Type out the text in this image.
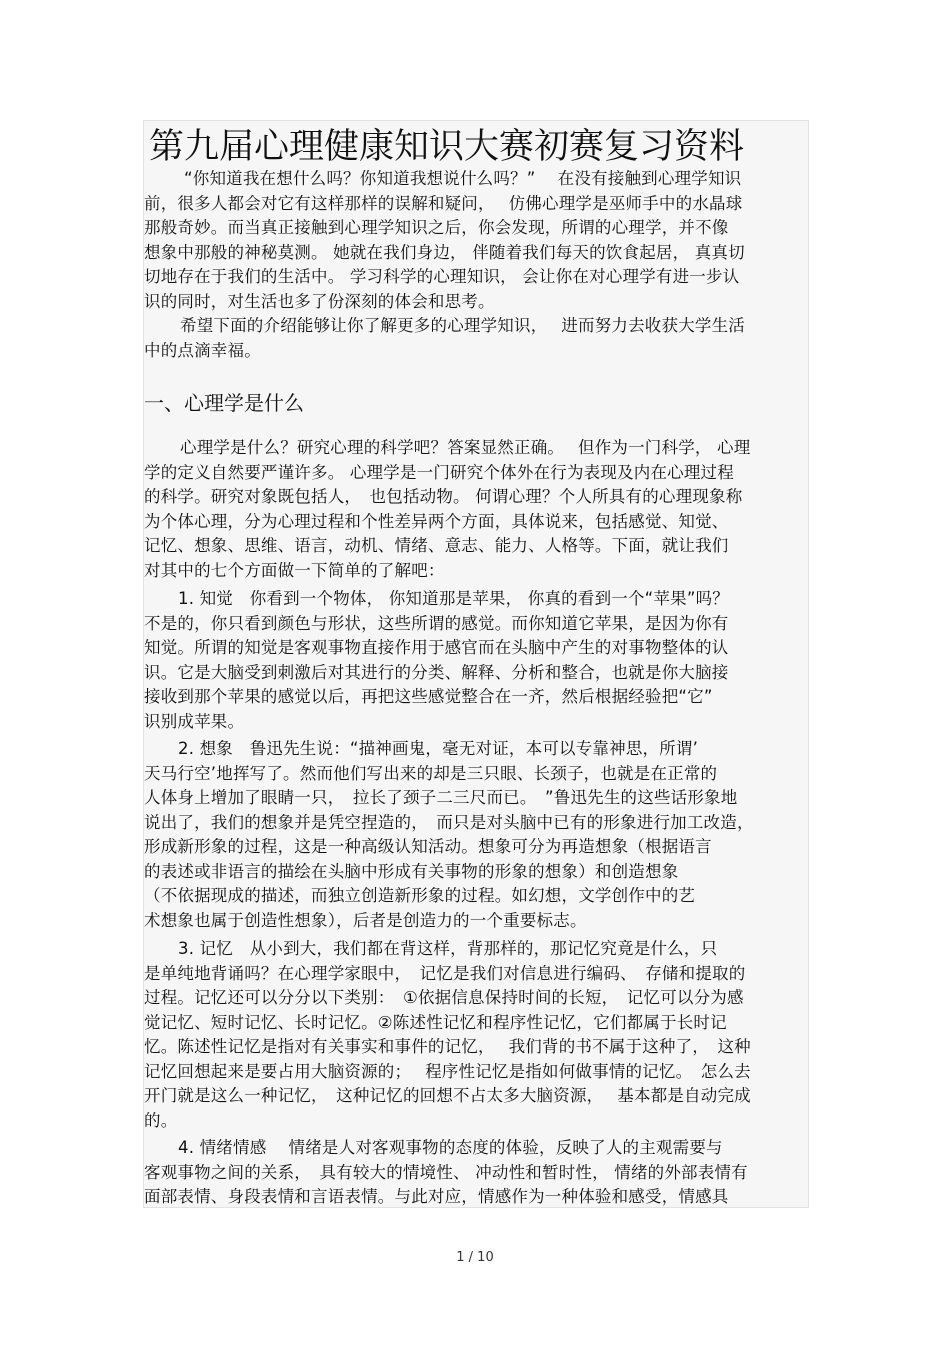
第九届心理健康知识大赛初赛复习资料
“你知道我在想什么吗？你知道我想说什么吗？”　 在没有接触到心理学知识
前，很多人都会对它有这样那样的误解和疑问，　 仿佛心理学是巫师手中的水晶球
那般奇妙。而当真正接触到心理学知识之后，你会发现，所谓的心理学，并不像
想象中那般的神秘莫测。 她就在我们身边， 伴随着我们每天的饮食起居， 真真切
切地存在于我们的生活中。 学习科学的心理知识， 会让你在对心理学有进一步认
识的同时，对生活也多了份深刻的体会和思考。
希望下面的介绍能够让你了解更多的心理学知识，　 进而努力去收获大学生活
中的点滴幸福。
一、心理学是什么
心理学是什么？研究心理的科学吧？答案显然正确。　 但作为一门科学， 心理
学的定义自然要严谨许多。 心理学是一门研究个体外在行为表现及内在心理过程
的科学。研究对象既包括人，　也包括动物。 何谓心理？个人所具有的心理现象称
为个体心理，分为心理过程和个性差异两个方面，具体说来，包括感觉、知觉、
记忆、想象、思维、语言，动机、情绪、意志、能力、人格等。下面，就让我们
对其中的七个方面做一下简单的了解吧：
1. 知觉　你看到一个物体， 你知道那是苹果， 你真的看到一个“苹果”吗？
不是的，你只看到颜色与形状，这些所谓的感觉。而你知道它苹果，是因为你有
知觉。所谓的知觉是客观事物直接作用于感官而在头脑中产生的对事物整体的认
识。它是大脑受到刺激后对其进行的分类、解释、分析和整合，也就是你大脑接
接收到那个苹果的感觉以后，再把这些感觉整合在一齐，然后根据经验把“它”
识别成苹果。
2. 想象　鲁迅先生说：“描神画鬼，毫无对证，本可以专靠神思，所谓’
天马行空’地挥写了。然而他们写出来的却是三只眼、长颈子，也就是在正常的
人体身上增加了眼睛一只，　拉长了颈子二三尺而已。　”鲁迅先生的这些话形象地
说出了，我们的想象并是凭空捏造的，　而只是对头脑中已有的形象进行加工改造，
形成新形象的过程，这是一种高级认知活动。想象可分为再造想象（根据语言
的表述或非语言的描绘在头脑中形成有关事物的形象的想象）和创造想象
（不依据现成的描述，而独立创造新形象的过程。如幻想，文学创作中的艺
术想象也属于创造性想象），后者是创造力的一个重要标志。
3. 记忆　从小到大，我们都在背这样，背那样的，那记忆究竟是什么，只
是单纯地背诵吗？在心理学家眼中，　记忆是我们对信息进行编码、　存储和提取的
过程。记忆还可以分分以下类别：　①依据信息保持时间的长短，　记忆可以分为感
觉记忆、短时记忆、长时记忆。②陈述性记忆和程序性记忆，它们都属于长时记
忆。陈述性记忆是指对有关事实和事件的记忆，　 我们背的书不属于这种了，　这种
记忆回想起来是要占用大脑资源的；　 程序性记忆是指如何做事情的记忆。　怎么去
开门就是这么一种记忆，　这种记忆的回想不占太多大脑资源，　 基本都是自动完成
的。
4. 情绪情感　 情绪是人对客观事物的态度的体验，反映了人的主观需要与
客观事物之间的关系，　具有较大的情境性、 冲动性和暂时性， 情绪的外部表情有
面部表情、身段表情和言语表情。与此对应，情感作为一种体验和感受，情感具
1 / 10
